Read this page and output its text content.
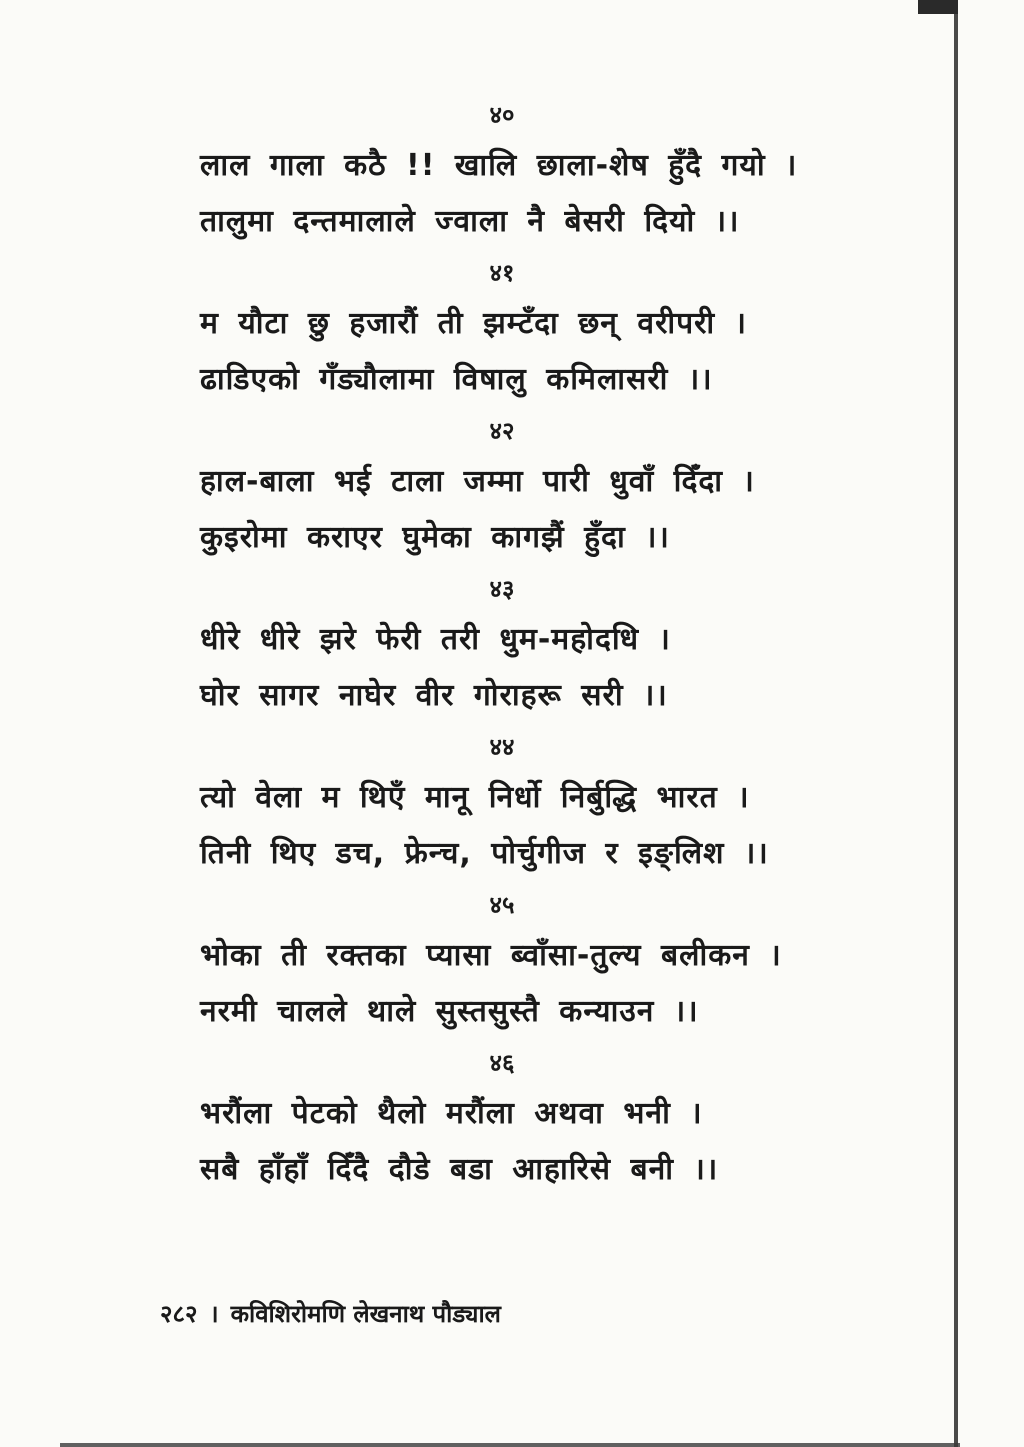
४०
लाल गाला कठै !! खालि छाला-शेष हुँदै गयो ।
तालुमा दन्तमालाले ज्वाला नै बेसरी दियो ।।
४१
म यौटा छु हजारौं ती झम्टँदा छन् वरीपरी ।
ढाडिएको गँड्यौलामा विषालु कमिलासरी ।।
४२
हाल-बाला भई टाला जम्मा पारी धुवाँ दिँदा ।
कुइरोमा कराएर घुमेका कागझैं हुँदा ।।
४३
धीरे धीरे झरे फेरी तरी धुम-महोदधि ।
घोर सागर नाघेर वीर गोराहरू सरी ।।
४४
त्यो वेला म थिएँ मानू निर्धो निर्बुद्धि भारत ।
तिनी थिए डच, फ्रेन्च, पोर्चुगीज र इङ्लिश ।।
४५
भोका ती रक्तका प्यासा ब्वाँसा-तुल्य बलीकन ।
नरमी चालले थाले सुस्तसुस्तै कन्याउन ।।
४६
भरौंला पेटको थैलो मरौंला अथवा भनी ।
सबै हाँहाँ दिँदै दौडे बडा आहारिसे बनी ।।
२८२ । कविशिरोमणि लेखनाथ पौड्याल
